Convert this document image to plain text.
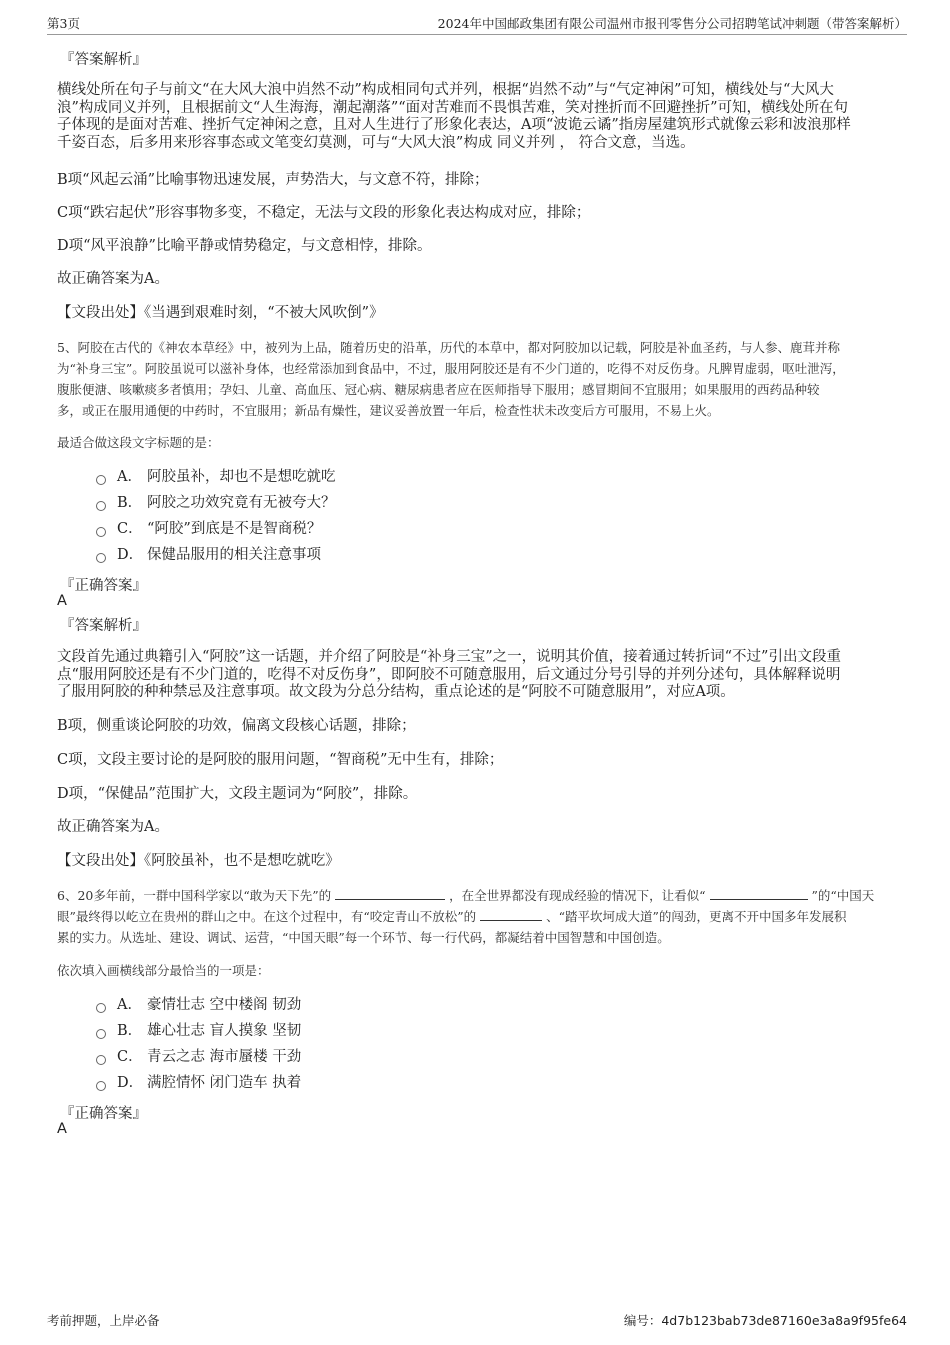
第3页	2024年中国邮政集团有限公司温州市报刊零售分公司招聘笔试冲刺题（带答案解析）
『答案解析』
横线处所在句子与前文“在大风大浪中岿然不动”构成相同句式并列，根据“岿然不动”与“气定神闲”可知，横线处与“大风大
浪”构成同义并列，且根据前文“人生海海，潮起潮落”“面对苦难而不畏惧苦难，笑对挫折而不回避挫折”可知，横线处所在句
子体现的是面对苦难、挫折气定神闲之意，且对人生进行了形象化表达，A项“波诡云谲”指房屋建筑形式就像云彩和波浪那样
千姿百态，后多用来形容事态或文笔变幻莫测，可与“大风大浪”构成 同义并列 ， 符合文意，当选。
B项“风起云涌”比喻事物迅速发展，声势浩大，与文意不符，排除；
C项“跌宕起伏”形容事物多变，不稳定，无法与文段的形象化表达构成对应，排除；
D项“风平浪静”比喻平静或情势稳定，与文意相悖，排除。
故正确答案为A。
【文段出处】《当遇到艰难时刻，“不被大风吹倒”》
5、阿胶在古代的《神农本草经》中，被列为上品，随着历史的沿革，历代的本草中，都对阿胶加以记载，阿胶是补血圣药，与人参、鹿茸并称
为“补身三宝”。阿胶虽说可以滋补身体，也经常添加到食品中，不过，服用阿胶还是有不少门道的，吃得不对反伤身。凡脾胃虚弱，呕吐泄泻，
腹胀便溏、咳嗽痰多者慎用；孕妇、儿童、高血压、冠心病、糖尿病患者应在医师指导下服用；感冒期间不宜服用；如果服用的西药品种较
多，或正在服用通便的中药时，不宜服用；新品有燥性，建议妥善放置一年后，检查性状未改变后方可服用，不易上火。
最适合做这段文字标题的是：
A． 阿胶虽补，却也不是想吃就吃
B． 阿胶之功效究竟有无被夸大？
C． “阿胶”到底是不是智商税？
D． 保健品服用的相关注意事项
『正确答案』
A
『答案解析』
文段首先通过典籍引入“阿胶”这一话题，并介绍了阿胶是“补身三宝”之一，说明其价值，接着通过转折词“不过”引出文段重
点“服用阿胶还是有不少门道的，吃得不对反伤身”，即阿胶不可随意服用，后文通过分号引导的并列分述句，具体解释说明
了服用阿胶的种种禁忌及注意事项。故文段为分总分结构，重点论述的是“阿胶不可随意服用”，对应A项。
B项，侧重谈论阿胶的功效，偏离文段核心话题，排除；
C项，文段主要讨论的是阿胶的服用问题，“智商税”无中生有，排除；
D项，“保健品”范围扩大，文段主题词为“阿胶”，排除。
故正确答案为A。
【文段出处】《阿胶虽补，也不是想吃就吃》
6、20多年前，一群中国科学家以“敢为天下先”的	，在全世界都没有现成经验的情况下，让看似“	”的“中国天
眼”最终得以屹立在贵州的群山之中。在这个过程中，有“咬定青山不放松”的	、“踏平坎坷成大道”的闯劲，更离不开中国多年发展积
累的实力。从选址、建设、调试、运营，“中国天眼”每一个环节、每一行代码，都凝结着中国智慧和中国创造。
依次填入画横线部分最恰当的一项是：
A． 豪情壮志 空中楼阁 韧劲
B． 雄心壮志 盲人摸象 坚韧
C． 青云之志 海市蜃楼 干劲
D． 满腔情怀 闭门造车 执着
『正确答案』
A
考前押题，上岸必备	编号：4d7b123bab73de87160e3a8a9f95fe64
